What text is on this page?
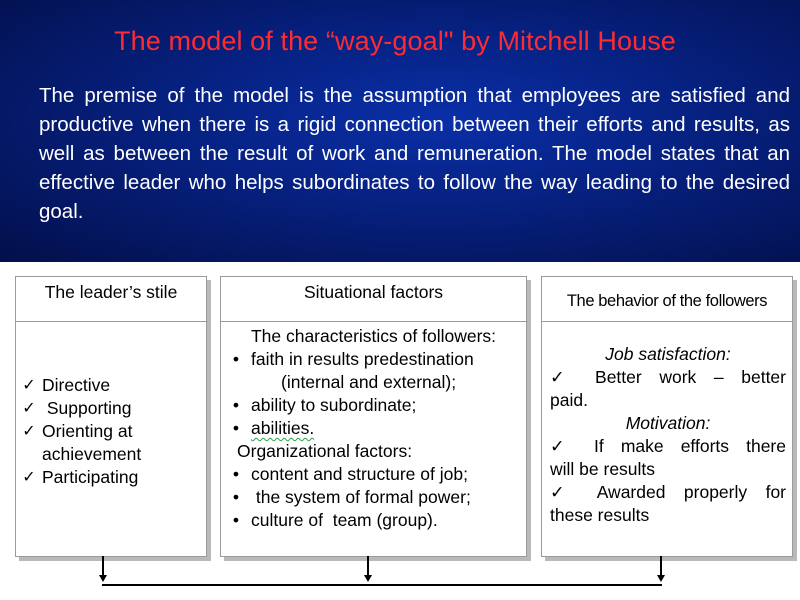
The model of the “way-goal" by Mitchell House
The premise of the model is the assumption that employees are satisfied and productive when there is a rigid connection between their efforts and results, as well as between the result of work and remuneration. The model states that an effective leader who helps subordinates to follow the way leading to the desired goal.
The leader’s stile
✓ Directive
✓ Supporting
✓ Orienting at
achievement
✓ Participating
Situational factors
The characteristics of followers:
• faith in results predestination
(internal and external);
• ability to subordinate;
• abilities.
Organizational factors:
• content and structure of job;
• the system of formal power;
• culture of  team (group).
The behavior of the followers
Job satisfaction:
✓ Better work – better
paid.
Motivation:
✓ If make efforts there
will be results
✓ Awarded properly for
these results
